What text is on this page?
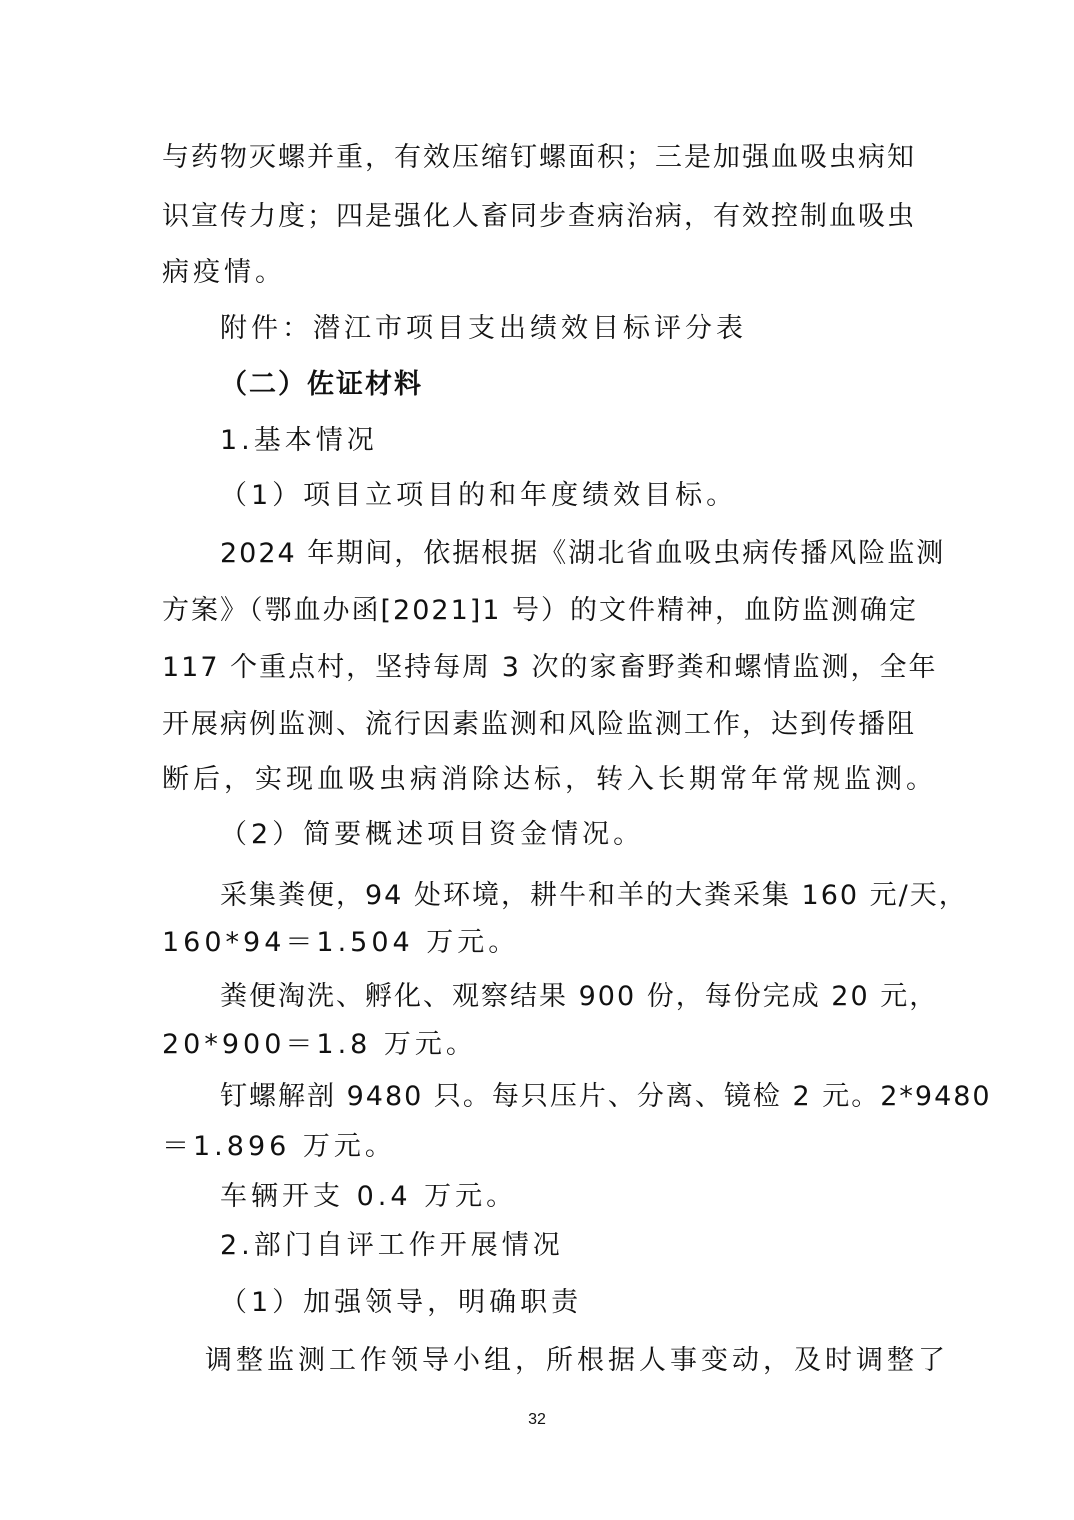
与药物灭螺并重，有效压缩钉螺面积；三是加强血吸虫病知
识宣传力度；四是强化人畜同步查病治病，有效控制血吸虫
病疫情。
附件：潜江市项目支出绩效目标评分表
（二）佐证材料
1.基本情况
（1）项目立项目的和年度绩效目标。
2024 年期间，依据根据《湖北省血吸虫病传播风险监测
方案》（鄂血办函[2021]1 号）的文件精神，血防监测确定
117 个重点村，坚持每周 3 次的家畜野粪和螺情监测，全年
开展病例监测、流行因素监测和风险监测工作，达到传播阻
断后，实现血吸虫病消除达标，转入长期常年常规监测。
（2）简要概述项目资金情况。
采集粪便，94 处环境，耕牛和羊的大粪采集 160 元/天，
160*94＝1.504 万元。
粪便淘洗、孵化、观察结果 900 份，每份完成 20 元，
20*900＝1.8 万元。
钉螺解剖 9480 只。每只压片、分离、镜检 2 元。2*9480
＝1.896 万元。
车辆开支 0.4 万元。
2.部门自评工作开展情况
（1）加强领导，明确职责
调整监测工作领导小组，所根据人事变动，及时调整了
32
